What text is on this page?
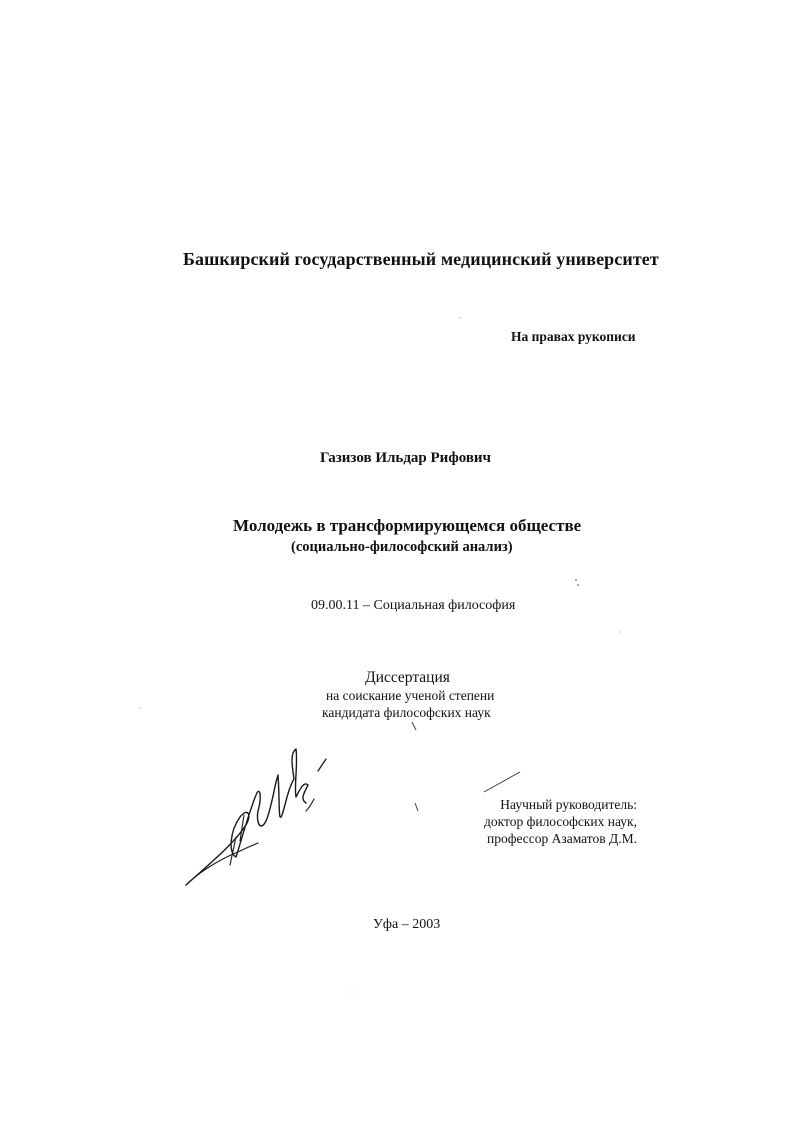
Башкирский государственный медицинский университет
На правах рукописи
Газизов Ильдар Рифович
Молодежь в трансформирующемся обществе
(социально-философский анализ)
09.00.11 – Социальная философия
Диссертация
на соискание ученой степени
кандидата философских наук
Научный руководитель:
доктор философских наук,
профессор Азаматов Д.М.
Уфа – 2003
